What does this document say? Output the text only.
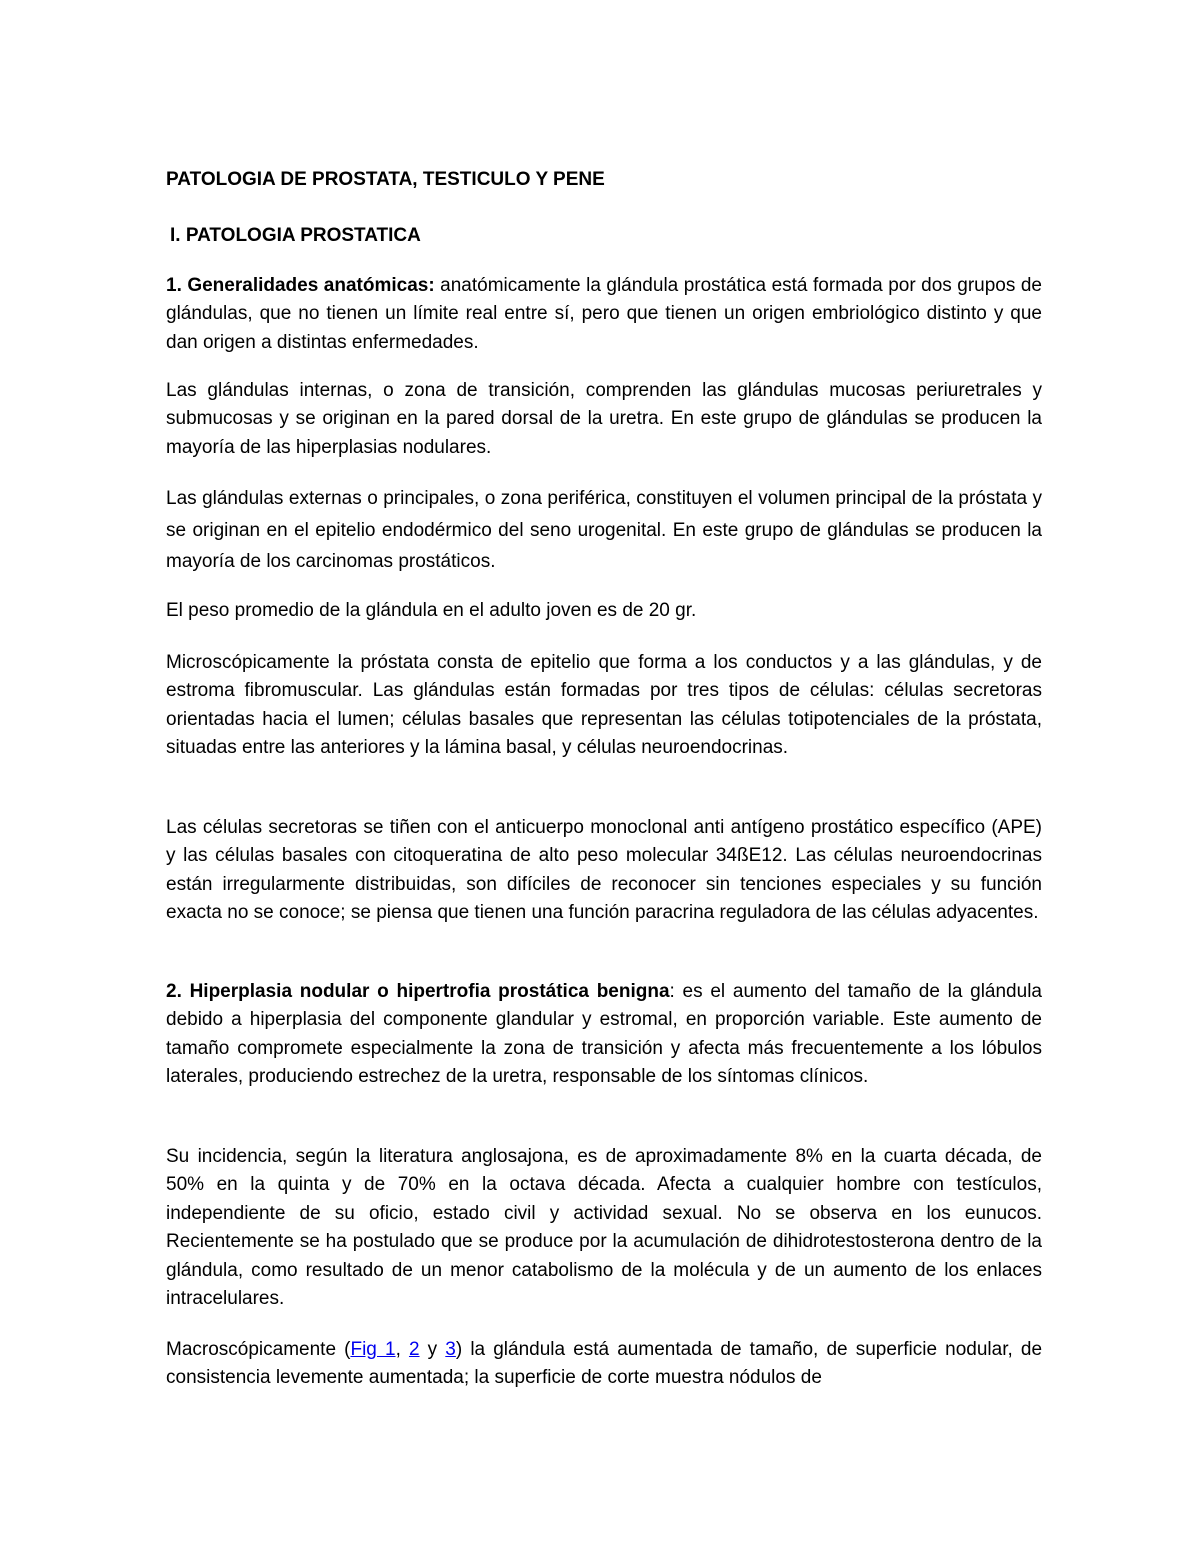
PATOLOGIA DE PROSTATA, TESTICULO Y PENE
I. PATOLOGIA PROSTATICA

1. Generalidades anatómicas: anatómicamente la glándula prostática está formada por dos grupos de glándulas, que no tienen un límite real entre sí, pero que tienen un origen embriológico distinto y que dan origen a distintas enfermedades.

Las glándulas internas, o zona de transición, comprenden las glándulas mucosas periuretrales y submucosas y se originan en la pared dorsal de la uretra. En este grupo de glándulas se producen la mayoría de las hiperplasias nodulares.

Las glándulas externas o principales, o zona periférica, constituyen el volumen principal de la próstata y se originan en el epitelio endodérmico del seno urogenital. En este grupo de glándulas se producen la mayoría de los carcinomas prostáticos.

El peso promedio de la glándula en el adulto joven es de 20 gr.

Microscópicamente la próstata consta de epitelio que forma a los conductos y a las glándulas, y de estroma fibromuscular. Las glándulas están formadas por tres tipos de células: células secretoras orientadas hacia el lumen; células basales que representan las células totipotenciales de la próstata, situadas entre las anteriores y la lámina basal, y células neuroendocrinas.

Las células secretoras se tiñen con el anticuerpo monoclonal anti antígeno prostático específico (APE) y las células basales con citoqueratina de alto peso molecular 34ßE12. Las células neuroendocrinas están irregularmente distribuidas, son difíciles de reconocer sin tenciones especiales y su función exacta no se conoce; se piensa que tienen una función paracrina reguladora de las células adyacentes.

2. Hiperplasia nodular o hipertrofia prostática benigna: es el aumento del tamaño de la glándula debido a hiperplasia del componente glandular y estromal, en proporción variable. Este aumento de tamaño compromete especialmente la zona de transición y afecta más frecuentemente a los lóbulos laterales, produciendo estrechez de la uretra, responsable de los síntomas clínicos.

Su incidencia, según la literatura anglosajona, es de aproximadamente 8% en la cuarta década, de 50% en la quinta y de 70% en la octava década. Afecta a cualquier hombre con testículos, independiente de su oficio, estado civil y actividad sexual. No se observa en los eunucos. Recientemente se ha postulado que se produce por la acumulación de dihidrotestosterona dentro de la glándula, como resultado de un menor catabolismo de la molécula y de un aumento de los enlaces intracelulares.

Macroscópicamente (Fig 1, 2 y 3) la glándula está aumentada de tamaño, de superficie nodular, de consistencia levemente aumentada; la superficie de corte muestra nódulos de
